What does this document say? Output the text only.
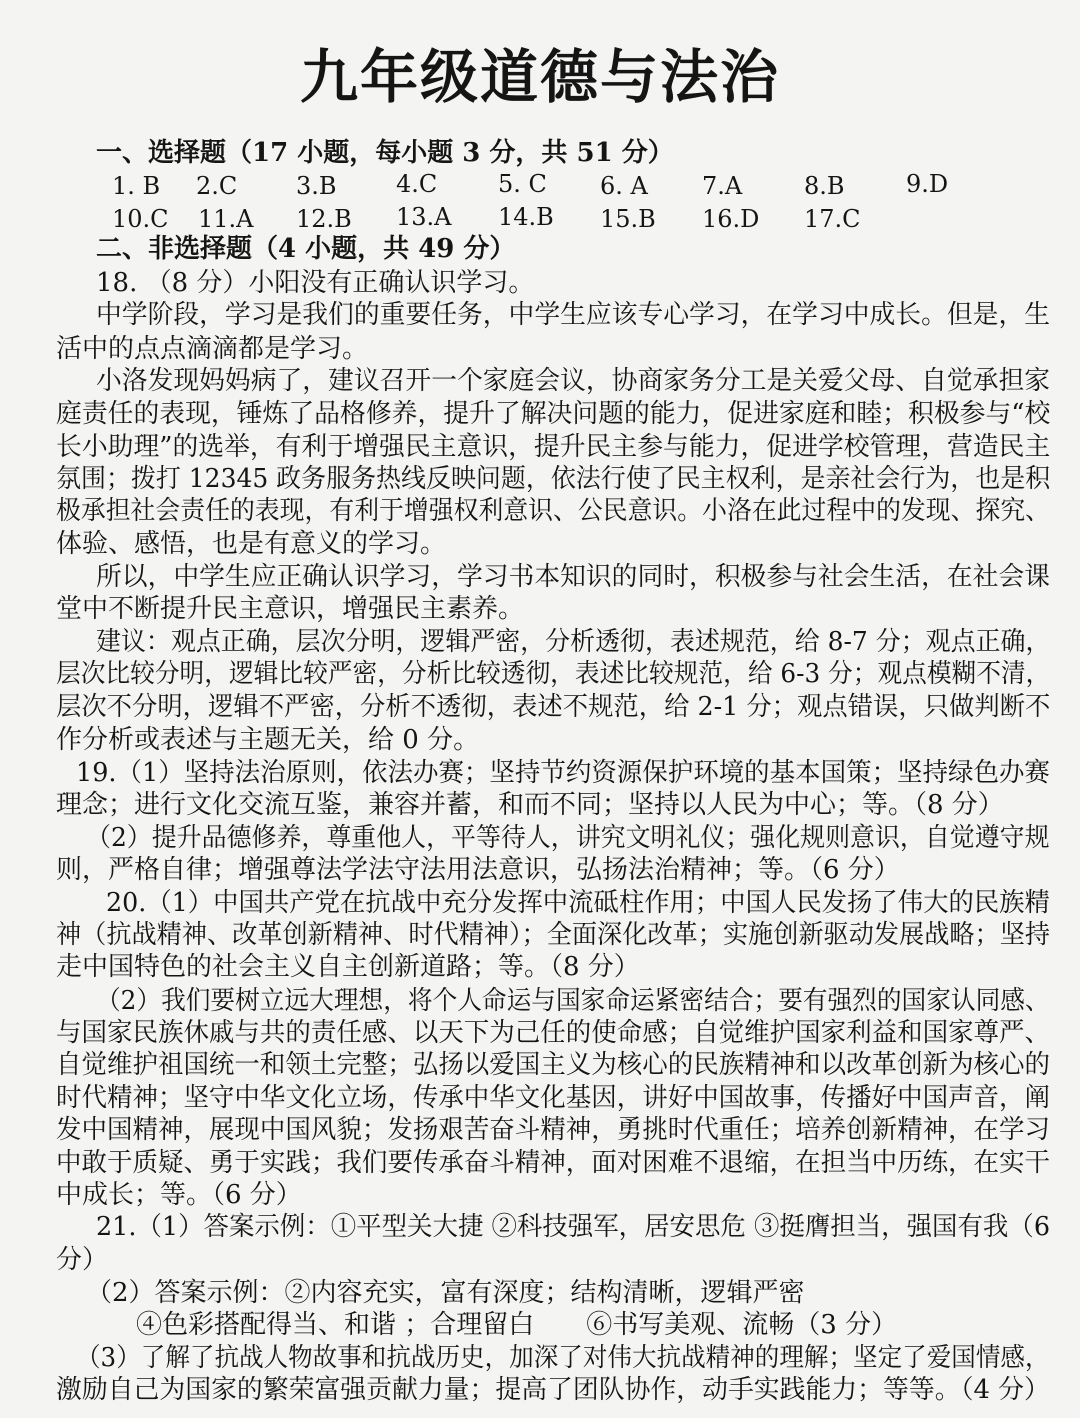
九年级道德与法治
一、选择题（17 小题，每小题 3 分，共 51 分）
1. B 2.C 3.B 4.C	5. C 6. A 7.A	8.B	9.D
10.C 11.A 12.B 13.A 14.B 15.B 16.D 17.C
二、非选择题（4 小题，共 49 分）
18. （8 分）小阳没有正确认识学习。
中学阶段，学习是我们的重要任务，中学生应该专心学习，在学习中成长。但是，生
活中的点点滴滴都是学习。
小洛发现妈妈病了，建议召开一个家庭会议，协商家务分工是关爱父母、自觉承担家
庭责任的表现，锤炼了品格修养，提升了解决问题的能力，促进家庭和睦；积极参与“校
长小助理”的选举，有利于增强民主意识，提升民主参与能力，促进学校管理，营造民主
氛围；拨打 12345 政务服务热线反映问题，依法行使了民主权利，是亲社会行为，也是积
极承担社会责任的表现，有利于增强权利意识、公民意识。小洛在此过程中的发现、探究、
体验、感悟，也是有意义的学习。
所以，中学生应正确认识学习，学习书本知识的同时，积极参与社会生活，在社会课
堂中不断提升民主意识，增强民主素养。
建议：观点正确，层次分明，逻辑严密，分析透彻，表述规范，给 8-7 分；观点正确，
层次比较分明，逻辑比较严密，分析比较透彻，表述比较规范，给 6-3 分；观点模糊不清，
层次不分明，逻辑不严密，分析不透彻，表述不规范，给 2-1 分；观点错误，只做判断不
作分析或表述与主题无关，给 0 分。
19.（1）坚持法治原则，依法办赛；坚持节约资源保护环境的基本国策；坚持绿色办赛
理念；进行文化交流互鉴，兼容并蓄，和而不同；坚持以人民为中心；等。（8 分）
（2）提升品德修养，尊重他人，平等待人，讲究文明礼仪；强化规则意识，自觉遵守规
则，严格自律；增强尊法学法守法用法意识，弘扬法治精神；等。（6 分）
20.（1）中国共产党在抗战中充分发挥中流砥柱作用；中国人民发扬了伟大的民族精
神（抗战精神、改革创新精神、时代精神）；全面深化改革；实施创新驱动发展战略；坚持
走中国特色的社会主义自主创新道路；等。（8 分）
（2）我们要树立远大理想，将个人命运与国家命运紧密结合；要有强烈的国家认同感、
与国家民族休戚与共的责任感、以天下为己任的使命感；自觉维护国家利益和国家尊严、
自觉维护祖国统一和领土完整；弘扬以爱国主义为核心的民族精神和以改革创新为核心的
时代精神；坚守中华文化立场，传承中华文化基因，讲好中国故事，传播好中国声音，阐
发中国精神，展现中国风貌；发扬艰苦奋斗精神，勇挑时代重任；培养创新精神，在学习
中敢于质疑、勇于实践；我们要传承奋斗精神，面对困难不退缩，在担当中历练，在实干
中成长；等。（6 分）
21.（1）答案示例：①平型关大捷 ②科技强军，居安思危 ③挺膺担当，强国有我（6
分）
（2）答案示例：②内容充实，富有深度；结构清晰，逻辑严密
④色彩搭配得当、和谐 ；合理留白　　⑥书写美观、流畅（3 分）
（3）了解了抗战人物故事和抗战历史，加深了对伟大抗战精神的理解；坚定了爱国情感，
激励自己为国家的繁荣富强贡献力量；提高了团队协作，动手实践能力；等等。（4 分）
